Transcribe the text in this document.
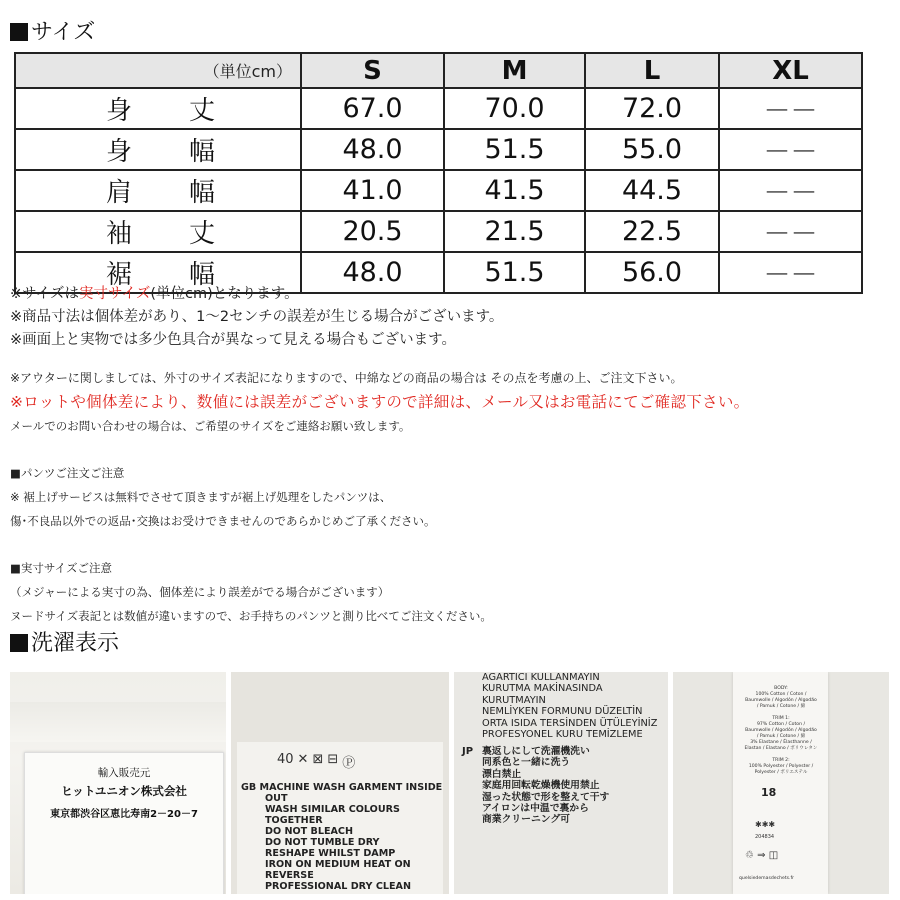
サイズ
（単位cm）	S	M	L	XL

身 丈	67.0	70.0	72.0	－－

身 幅	48.0	51.5	55.0	－－

肩 幅	41.0	41.5	44.5	－－

袖 丈	20.5	21.5	22.5	－－

裾 幅	48.0	51.5	56.0	－－
※サイズは実寸サイズ(単位cm)となります。
※商品寸法は個体差があり、1～2センチの誤差が生じる場合がございます。
※画面上と実物では多少色具合が異なって見える場合もございます。
※アウターに関しましては、外寸のサイズ表記になりますので、中綿などの商品の場合は その点を考慮の上、ご注文下さい。
※ロットや個体差により、数値には誤差がございますので詳細は、メール又はお電話にてご確認下さい。
メールでのお問い合わせの場合は、ご希望のサイズをご連絡お願い致します。
■パンツご注文ご注意
※ 裾上げサービスは無料でさせて頂きますが裾上げ処理をしたパンツは、
傷･不良品以外での返品･交換はお受けできませんのであらかじめご了承ください。
■実寸サイズご注意
（メジャーによる実寸の為、個体差により誤差がでる場合がございます）
ヌードサイズ表記とは数値が違いますので、お手持ちのパンツと測り比べてご注文ください。
洗濯表示
輸入販売元
ヒットユニオン株式会社
東京都渋谷区恵比寿南2－20－7
40 ✕ ⊠ ⊟ Ⓟ
GB MACHINE WASH GARMENT INSIDE
OUT
WASH SIMILAR COLOURS
TOGETHER
DO NOT BLEACH
DO NOT TUMBLE DRY
RESHAPE WHILST DAMP
IRON ON MEDIUM HEAT ON
REVERSE
PROFESSIONAL DRY CLEAN
AGARTICI KULLANMAYIN
KURUTMA MAKİNASINDA
KURUTMAYIN
NEMLİYKEN FORMUNU DÜZELTİN
ORTA ISIDA TERSİNDEN ÜTÜLEYİNİZ
PROFESYONEL KURU TEMİZLEME
JP 裏返しにして洗濯機洗い
同系色と一緒に洗う
漂白禁止
家庭用回転乾燥機使用禁止
湿った状態で形を整えて干す
アイロンは中温で裏から
商業クリーニング可
BODY:
100% Cotton / Coton /
Baumwolle / Algodón / Algodão
/ Pamuk / Cotone / 綿

TRIM 1:
97% Cotton / Coton /
Baumwolle / Algodón / Algodão
/ Pamuk / Cotone / 綿
3% Elastane / Élasthanne /
Elastan / Elastano / ポリウレタン

TRIM 2:
100% Polyester / Polyester /
Polyester / ポリエステル
18
✱✱✱
204834
♲ ⇒ ◫
quelsiedemasdechets.fr
